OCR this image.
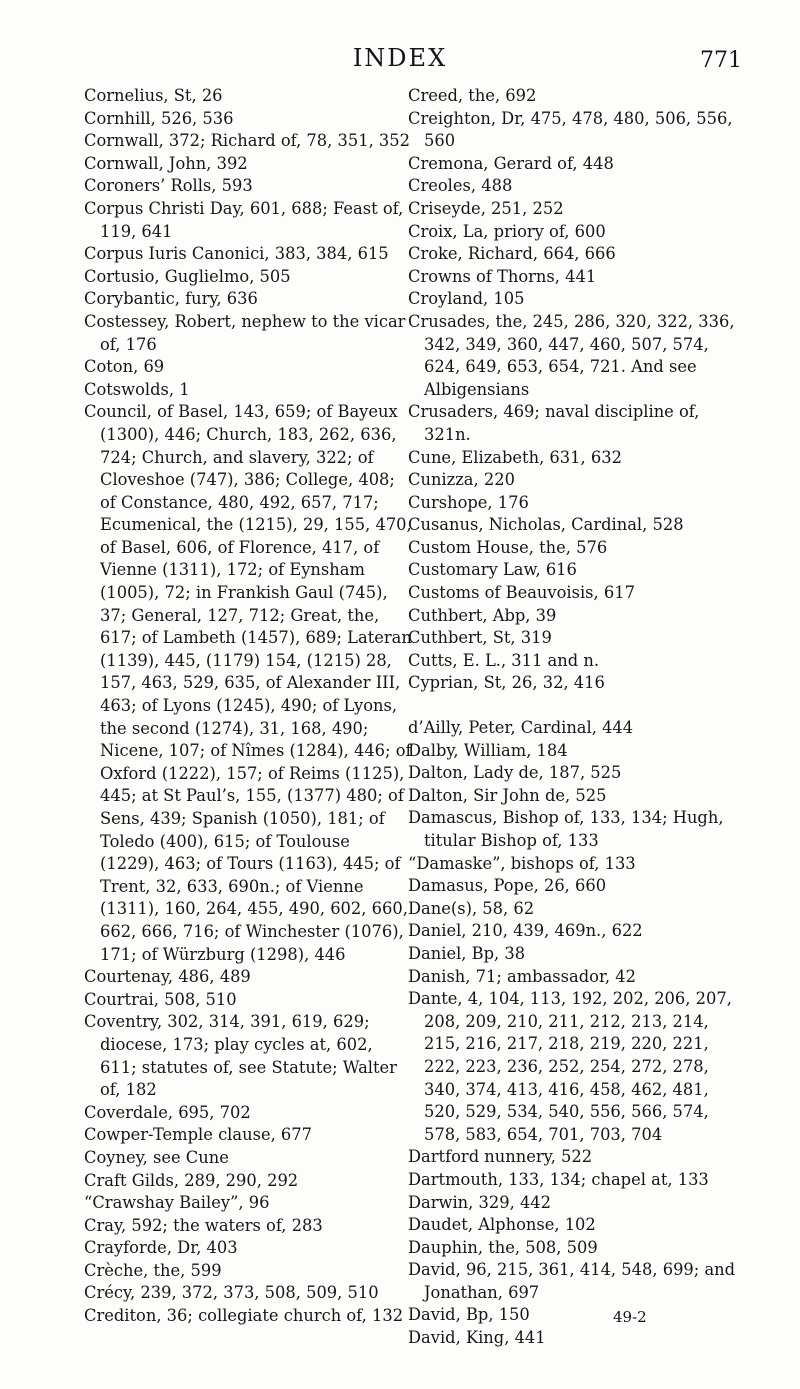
INDEX	771

Cornelius, St, 26

Cornhill, 526, 536

Cornwall, 372; Richard of, 78, 351, 352

Cornwall, John, 392

Coroners’ Rolls, 593

Corpus Christi Day, 601, 688; Feast of, 119, 641

Corpus Iuris Canonici, 383, 384, 615

Cortusio, Guglielmo, 505

Corybantic, fury, 636

Costessey, Robert, nephew to the vicar of, 176

Coton, 69

Cotswolds, 1

Council, of Basel, 143, 659; of Bayeux (1300), 446; Church, 183, 262, 636, 724; Church, and slavery, 322; of Cloveshoe (747), 386; College, 408; of Constance, 480, 492, 657, 717; Ecumenical, the (1215), 29, 155, 470, of Basel, 606, of Florence, 417, of Vienne (1311), 172; of Eynsham (1005), 72; in Frankish Gaul (745), 37; General, 127, 712; Great, the, 617; of Lambeth (1457), 689; Lateran (1139), 445, (1179) 154, (1215) 28, 157, 463, 529, 635, of Alexander III, 463; of Lyons (1245), 490; of Lyons, the second (1274), 31, 168, 490; Nicene, 107; of Nîmes (1284), 446; of Oxford (1222), 157; of Reims (1125), 445; at St Paul’s, 155, (1377) 480; of Sens, 439; Spanish (1050), 181; of Toledo (400), 615; of Toulouse (1229), 463; of Tours (1163), 445; of Trent, 32, 633, 690n.; of Vienne (1311), 160, 264, 455, 490, 602, 660, 662, 666, 716; of Winchester (1076), 171; of Würzburg (1298), 446

Courtenay, 486, 489

Courtrai, 508, 510

Coventry, 302, 314, 391, 619, 629; diocese, 173; play cycles at, 602, 611; statutes of, see Statute; Walter of, 182

Coverdale, 695, 702

Cowper-Temple clause, 677

Coyney, see Cune

Craft Gilds, 289, 290, 292

“Crawshay Bailey”, 96

Cray, 592; the waters of, 283

Crayforde, Dr, 403

Crèche, the, 599

Crécy, 239, 372, 373, 508, 509, 510

Crediton, 36; collegiate church of, 132

Creed, the, 692

Creighton, Dr, 475, 478, 480, 506, 556, 560

Cremona, Gerard of, 448

Creoles, 488

Criseyde, 251, 252

Croix, La, priory of, 600

Croke, Richard, 664, 666

Crowns of Thorns, 441

Croyland, 105

Crusades, the, 245, 286, 320, 322, 336, 342, 349, 360, 447, 460, 507, 574, 624, 649, 653, 654, 721. And see Albigensians

Crusaders, 469; naval discipline of, 321n.

Cune, Elizabeth, 631, 632

Cunizza, 220

Curshope, 176

Cusanus, Nicholas, Cardinal, 528

Custom House, the, 576

Customary Law, 616

Customs of Beauvoisis, 617

Cuthbert, Abp, 39

Cuthbert, St, 319

Cutts, E. L., 311 and n.

Cyprian, St, 26, 32, 416

d’Ailly, Peter, Cardinal, 444

Dalby, William, 184

Dalton, Lady de, 187, 525

Dalton, Sir John de, 525

Damascus, Bishop of, 133, 134; Hugh, titular Bishop of, 133

“Damaske”, bishops of, 133

Damasus, Pope, 26, 660

Dane(s), 58, 62

Daniel, 210, 439, 469n., 622

Daniel, Bp, 38

Danish, 71; ambassador, 42

Dante, 4, 104, 113, 192, 202, 206, 207, 208, 209, 210, 211, 212, 213, 214, 215, 216, 217, 218, 219, 220, 221, 222, 223, 236, 252, 254, 272, 278, 340, 374, 413, 416, 458, 462, 481, 520, 529, 534, 540, 556, 566, 574, 578, 583, 654, 701, 703, 704

Dartford nunnery, 522

Dartmouth, 133, 134; chapel at, 133

Darwin, 329, 442

Daudet, Alphonse, 102

Dauphin, the, 508, 509

David, 96, 215, 361, 414, 548, 699; and Jonathan, 697

David, Bp, 150

David, King, 441

49-2
